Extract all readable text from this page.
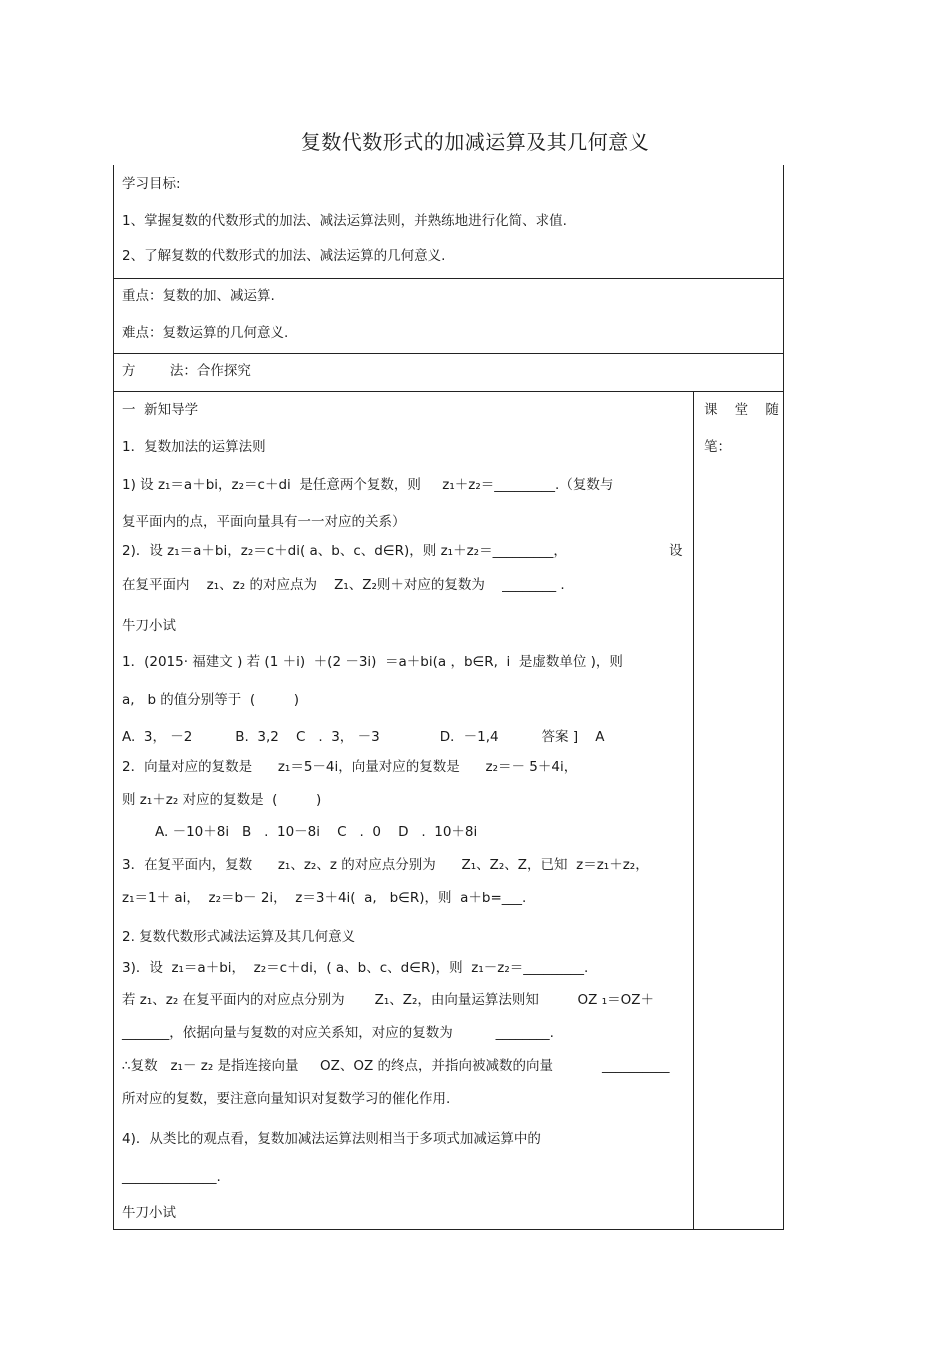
复数代数形式的加减运算及其几何意义
学习目标:
1、掌握复数的代数形式的加法、减法运算法则，并熟练地进行化简、求值.
2、了解复数的代数形式的加法、减法运算的几何意义.
重点：复数的加、减运算.
难点：复数运算的几何意义.
方        法：合作探究
课    堂    随
笔：
一  新知导学
1．复数加法的运算法则
1) 设 z₁＝a＋bi，z₂＝c＋di  是任意两个复数，则     z₁＋z₂＝_________.（复数与
复平面内的点，平面向量具有一一对应的关系）
2)．设 z₁＝a＋bi，z₂＝c＋di( a、b、c、d∈R)，则 z₁＋z₂＝_________，	设
在复平面内    z₁、z₂ 的对应点为    Z₁、Z₂则＋对应的复数为    ________ .
牛刀小试
1．(2015· 福建文 ) 若 (1 ＋i)  ＋(2 －3i)  ＝a＋bi(a ，b∈R,  i  是虚数单位 )，则
a,   b 的值分别等于  (         )
A.  3， －2          B.  3,2    C   .  3， －3              D．－1,4          答案 ]    A
2．向量对应的复数是      z₁＝5－4i，向量对应的复数是      z₂＝－ 5＋4i，
则 z₁＋z₂ 对应的复数是  (         )
A. －10＋8i   B   .  10－8i    C   .  0    D   .  10＋8i
3．在复平面内，复数      z₁、z₂、z 的对应点分别为      Z₁、Z₂、Z，已知  z＝z₁＋z₂，
z₁＝1＋ ai，  z₂＝b－ 2i，  z＝3＋4i(  a,   b∈R)，则  a＋b=___.
2. 复数代数形式减法运算及其几何意义
3)．设  z₁＝a＋bi，  z₂＝c＋di，( a、b、c、d∈R)，则  z₁－z₂＝_________.
若 z₁、z₂ 在复平面内的对应点分别为       Z₁、Z₂，由向量运算法则知         OZ ₁＝OZ＋
_______，依据向量与复数的对应关系知，对应的复数为          ________.
∴复数   z₁－ z₂ 是指连接向量     OZ、OZ 的终点，并指向被减数的向量	__________
所对应的复数，要注意向量知识对复数学习的催化作用.
4)．从类比的观点看，复数加减法运算法则相当于多项式加减运算中的
______________.
牛刀小试
